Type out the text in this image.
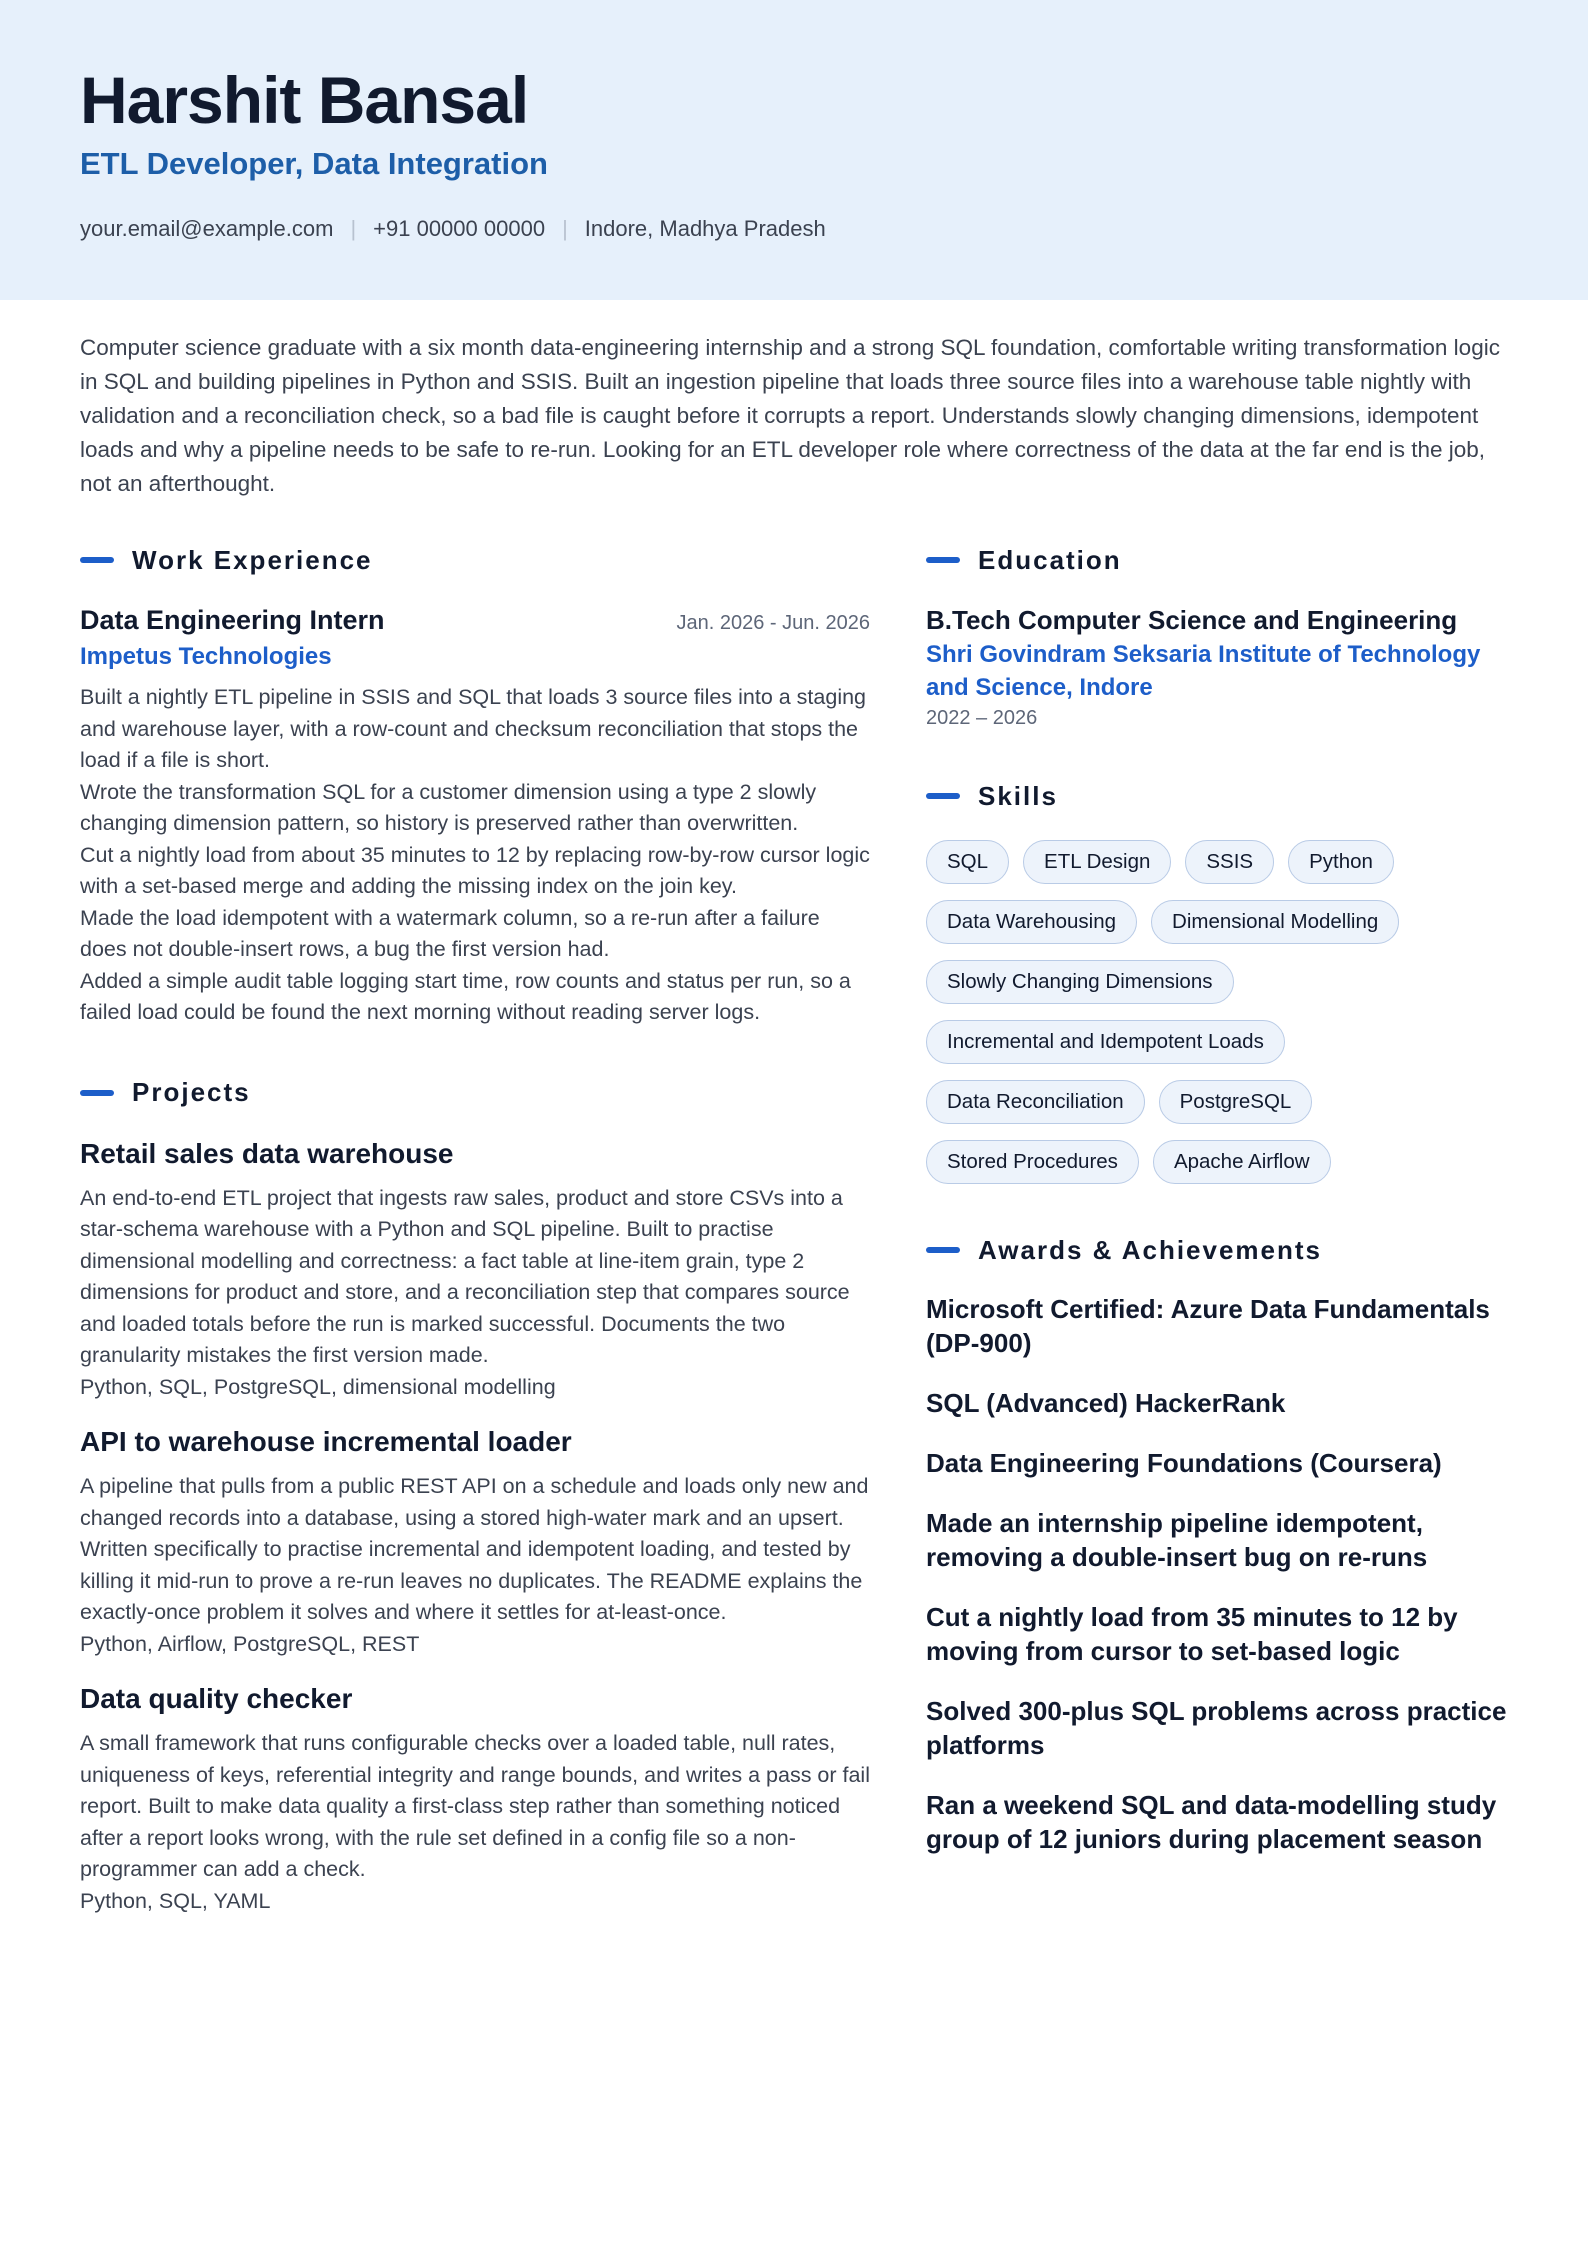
Harshit Bansal
ETL Developer, Data Integration
your.email@example.com | +91 00000 00000 | Indore, Madhya Pradesh
Computer science graduate with a six month data-engineering internship and a strong SQL foundation, comfortable writing transformation logic in SQL and building pipelines in Python and SSIS. Built an ingestion pipeline that loads three source files into a warehouse table nightly with validation and a reconciliation check, so a bad file is caught before it corrupts a report. Understands slowly changing dimensions, idempotent loads and why a pipeline needs to be safe to re-run. Looking for an ETL developer role where correctness of the data at the far end is the job, not an afterthought.
Work Experience
Data Engineering Intern	Jan. 2026 - Jun. 2026
Impetus Technologies

Built a nightly ETL pipeline in SSIS and SQL that loads 3 source files into a staging and warehouse layer, with a row-count and checksum reconciliation that stops the load if a file is short.

Wrote the transformation SQL for a customer dimension using a type 2 slowly changing dimension pattern, so history is preserved rather than overwritten.

Cut a nightly load from about 35 minutes to 12 by replacing row-by-row cursor logic with a set-based merge and adding the missing index on the join key.

Made the load idempotent with a watermark column, so a re-run after a failure does not double-insert rows, a bug the first version had.

Added a simple audit table logging start time, row counts and status per run, so a failed load could be found the next morning without reading server logs.

Projects
Retail sales data warehouse
An end-to-end ETL project that ingests raw sales, product and store CSVs into a star-schema warehouse with a Python and SQL pipeline. Built to practise dimensional modelling and correctness: a fact table at line-item grain, type 2 dimensions for product and store, and a reconciliation step that compares source and loaded totals before the run is marked successful. Documents the two granularity mistakes the first version made.
Python, SQL, PostgreSQL, dimensional modelling
API to warehouse incremental loader
A pipeline that pulls from a public REST API on a schedule and loads only new and changed records into a database, using a stored high-water mark and an upsert. Written specifically to practise incremental and idempotent loading, and tested by killing it mid-run to prove a re-run leaves no duplicates. The README explains the exactly-once problem it solves and where it settles for at-least-once.
Python, Airflow, PostgreSQL, REST
Data quality checker
A small framework that runs configurable checks over a loaded table, null rates, uniqueness of keys, referential integrity and range bounds, and writes a pass or fail report. Built to make data quality a first-class step rather than something noticed after a report looks wrong, with the rule set defined in a config file so a non-programmer can add a check.
Python, SQL, YAML
Education
B.Tech Computer Science and Engineering
Shri Govindram Seksaria Institute of Technology and Science, Indore
2022 – 2026
Skills
SQL	ETL Design	SSIS	Python
Data Warehousing	Dimensional Modelling
Slowly Changing Dimensions
Incremental and Idempotent Loads
Data Reconciliation	PostgreSQL
Stored Procedures	Apache Airflow
Awards & Achievements
Microsoft Certified: Azure Data Fundamentals (DP-900)
SQL (Advanced) HackerRank
Data Engineering Foundations (Coursera)
Made an internship pipeline idempotent, removing a double-insert bug on re-runs
Cut a nightly load from 35 minutes to 12 by moving from cursor to set-based logic
Solved 300-plus SQL problems across practice platforms
Ran a weekend SQL and data-modelling study group of 12 juniors during placement season
